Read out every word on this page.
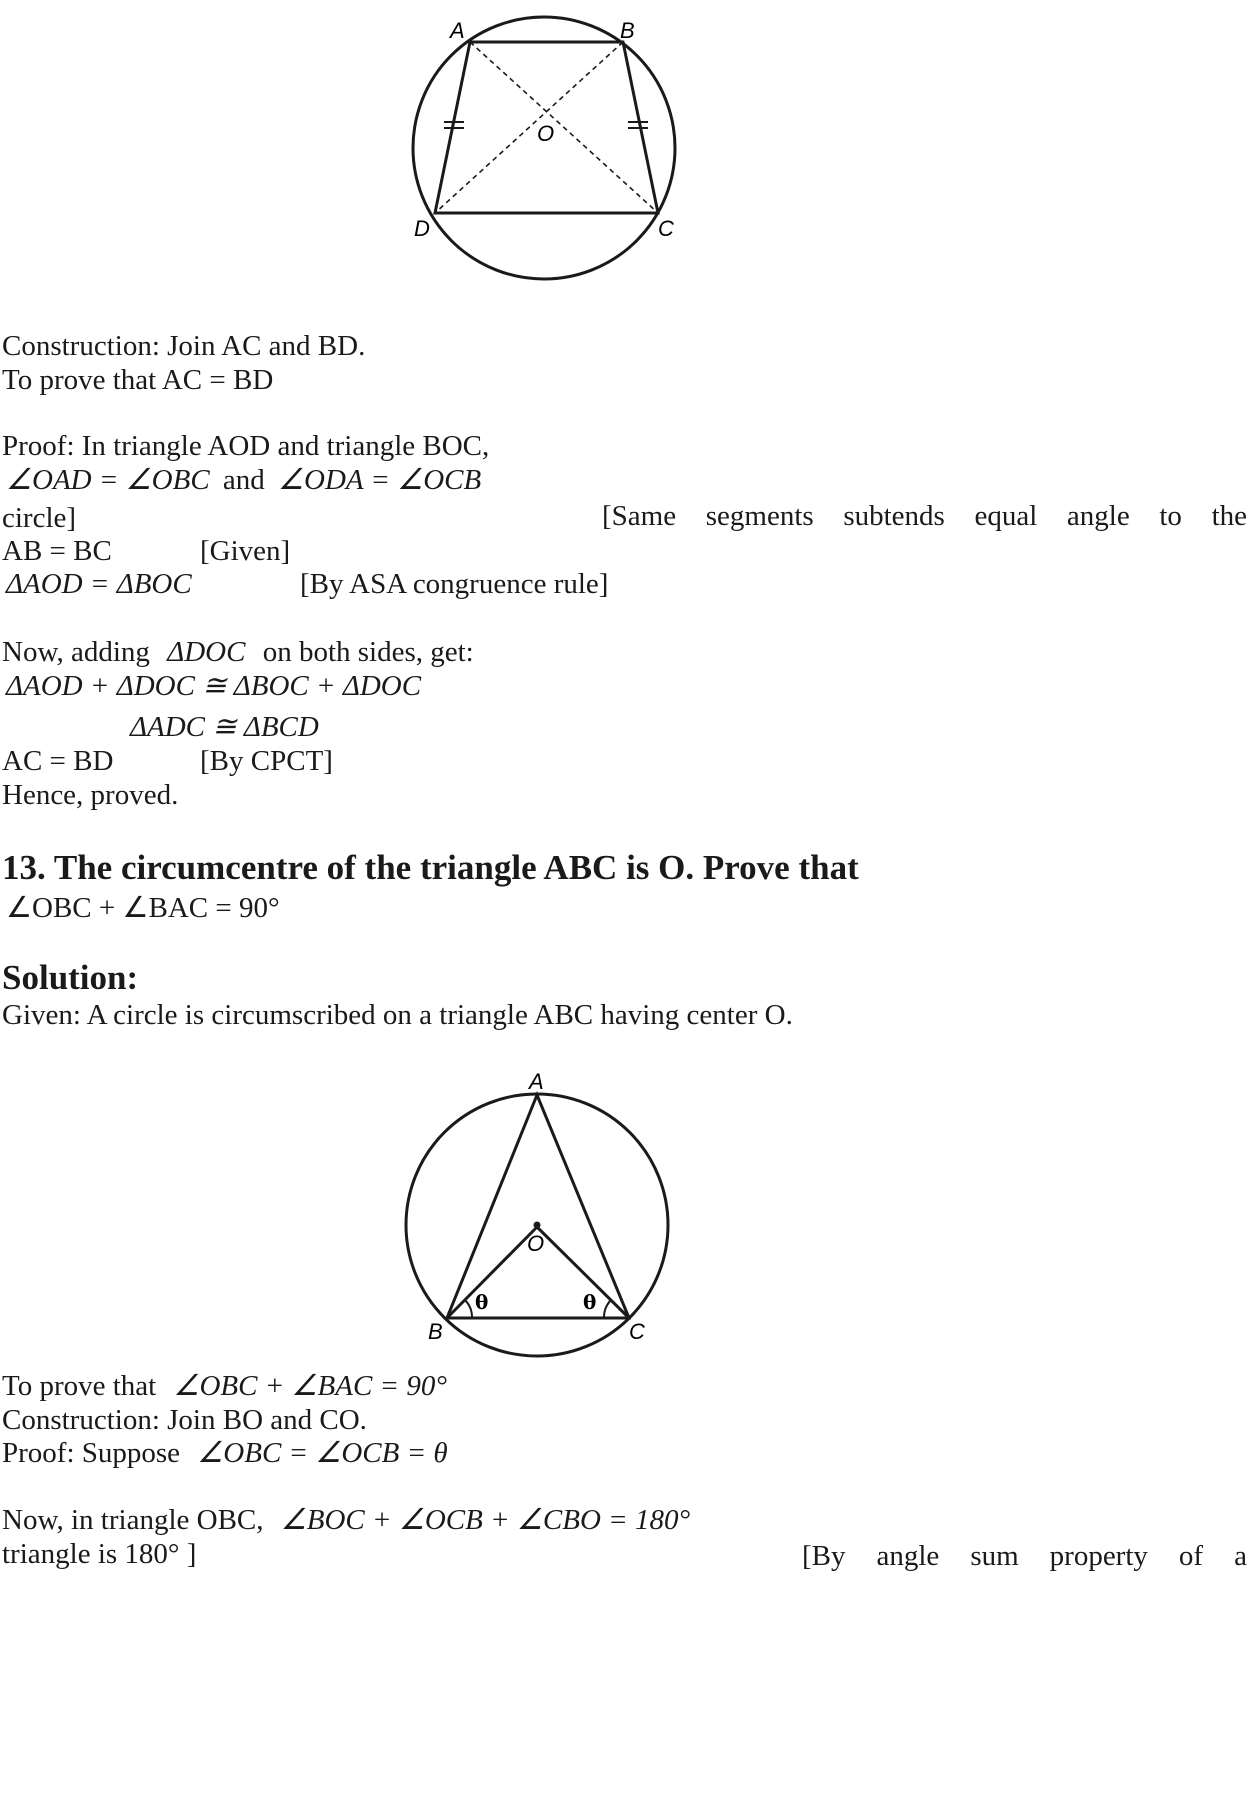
A	B
C
D
O
Construction: Join AC and BD.
To prove that AC = BD
Proof: In triangle AOD and triangle BOC,
∠OAD = ∠OBC and ∠ODA = ∠OCB
[Same segments subtends equal angle to the
circle]
AB = BC	[Given]
ΔAOD = ΔBOC	[By ASA congruence rule]
Now, adding ΔDOC on both sides, get:
ΔAOD + ΔDOC ≅ ΔBOC + ΔDOC
ΔADC ≅ ΔBCD
AC = BD	[By CPCT]
Hence, proved.
13. The circumcentre of the triangle ABC is O. Prove that
∠OBC + ∠BAC = 90°
Solution:
Given: A circle is circumscribed on a triangle ABC having center O.
A
B	C
O
θ	θ
To prove that ∠OBC + ∠BAC = 90°
Construction: Join BO and CO.
Proof: Suppose ∠OBC = ∠OCB = θ
Now, in triangle OBC, ∠BOC + ∠OCB + ∠CBO = 180°
[By angle sum property of a
triangle is 180° ]
